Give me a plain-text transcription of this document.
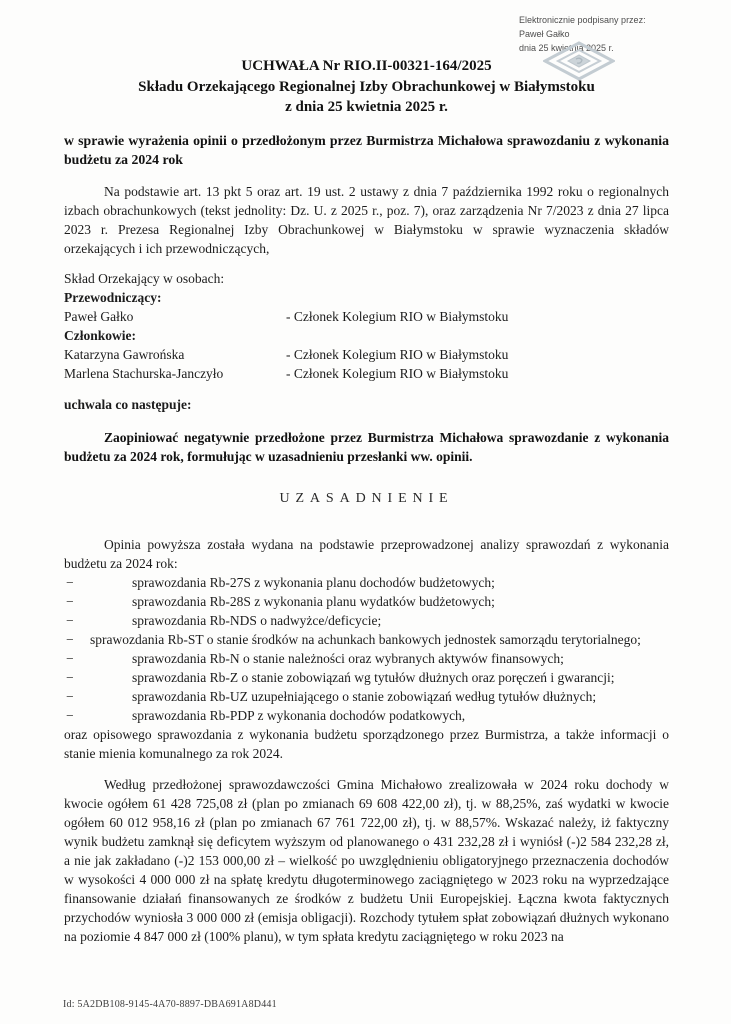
Elektronicznie podpisany przez:
Paweł Gałko
dnia 25 kwietnia 2025 r.
UCHWAŁA Nr RIO.II-00321-164/2025
Składu Orzekającego Regionalnej Izby Obrachunkowej w Białymstoku
z dnia 25 kwietnia 2025 r.
w sprawie wyrażenia opinii o przedłożonym przez Burmistrza Michałowa sprawozdaniu z wykonania budżetu za 2024 rok

Na podstawie art. 13 pkt 5 oraz art. 19 ust. 2 ustawy z dnia 7 października 1992 roku o regionalnych izbach obrachunkowych (tekst jednolity: Dz. U. z 2025 r., poz. 7), oraz zarządzenia Nr 7/2023 z dnia 27 lipca 2023 r. Prezesa Regionalnej Izby Obrachunkowej w Białymstoku w sprawie wyznaczenia składów orzekających i ich przewodniczących,

Skład Orzekający w osobach:
Przewodniczący:
Paweł Gałko	- Członek Kolegium RIO w Białymstoku
Członkowie:
Katarzyna Gawrońska	- Członek Kolegium RIO w Białymstoku
Marlena Stachurska-Janczyło	- Członek Kolegium RIO w Białymstoku

uchwala co następuje:

Zaopiniować negatywnie przedłożone przez Burmistrza Michałowa sprawozdanie z wykonania budżetu za 2024 rok, formułując w uzasadnieniu przesłanki ww. opinii.

UZASADNIENIE

Opinia powyższa została wydana na podstawie przeprowadzonej analizy sprawozdań z wykonania budżetu za 2024 rok:

−	sprawozdania Rb-27S z wykonania planu dochodów budżetowych;
−	sprawozdania Rb-28S z wykonania planu wydatków budżetowych;
−	sprawozdania Rb-NDS o nadwyżce/deficycie;
− sprawozdania Rb-ST o stanie środków na achunkach bankowych jednostek samorządu terytorialnego;
−	sprawozdania Rb-N o stanie należności oraz wybranych aktywów finansowych;
−	sprawozdania Rb-Z o stanie zobowiązań wg tytułów dłużnych oraz poręczeń i gwarancji;
−	sprawozdania Rb-UZ uzupełniającego o stanie zobowiązań według tytułów dłużnych;
−	sprawozdania Rb-PDP z wykonania dochodów podatkowych,

oraz opisowego sprawozdania z wykonania budżetu sporządzonego przez Burmistrza, a także informacji o stanie mienia komunalnego za rok 2024.

Według przedłożonej sprawozdawczości Gmina Michałowo zrealizowała w 2024 roku dochody w kwocie ogółem 61 428 725,08 zł (plan po zmianach 69 608 422,00 zł), tj. w 88,25%, zaś wydatki w kwocie ogółem 60 012 958,16 zł (plan po zmianach 67 761 722,00 zł), tj. w 88,57%. Wskazać należy, iż faktyczny wynik budżetu zamknął się deficytem wyższym od planowanego o 431 232,28 zł i wyniósł (-)2 584 232,28 zł, a nie jak zakładano (-)2 153 000,00 zł – wielkość po uwzględnieniu obligatoryjnego przeznaczenia dochodów w wysokości 4 000 000 zł na spłatę kredytu długoterminowego zaciągniętego w 2023 roku na wyprzedzające finansowanie działań finansowanych ze środków z budżetu Unii Europejskiej. Łączna kwota faktycznych przychodów wyniosła 3 000 000 zł (emisja obligacji). Rozchody tytułem spłat zobowiązań dłużnych wykonano na poziomie 4 847 000 zł (100% planu), w tym spłata kredytu zaciągniętego w roku 2023 na

Id: 5A2DB108-9145-4A70-8897-DBA691A8D441
